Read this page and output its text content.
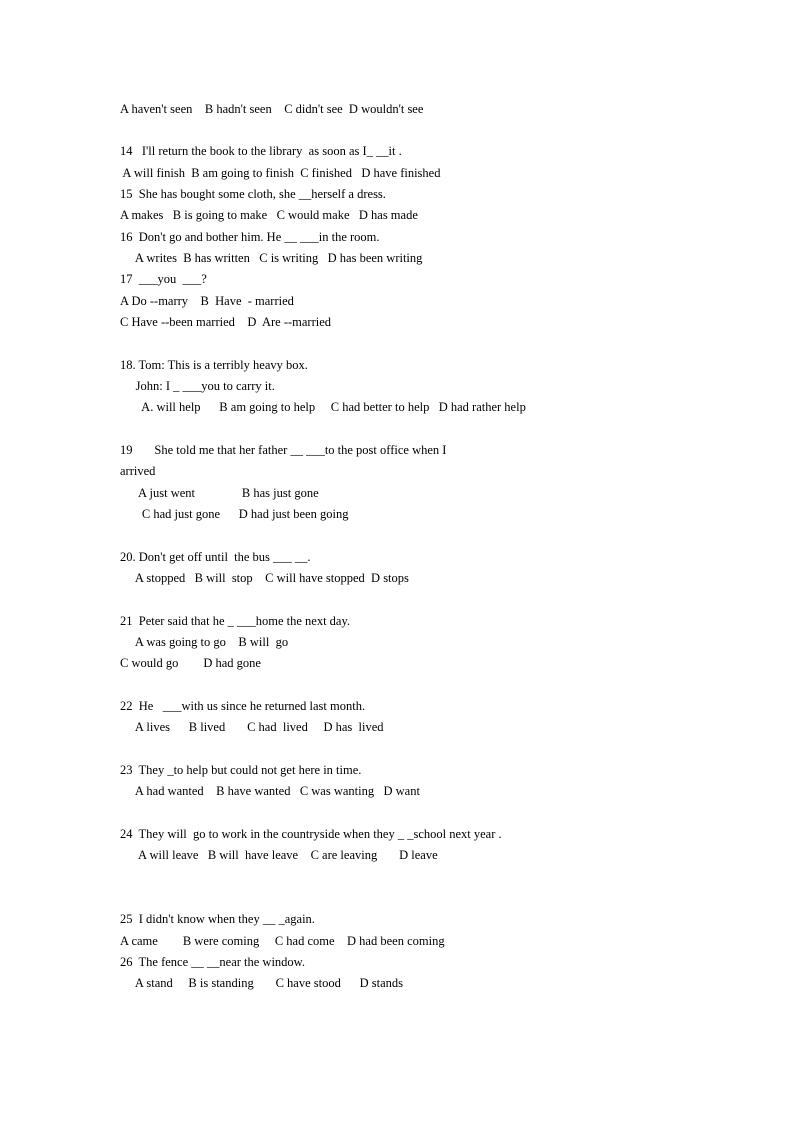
A haven't seen    B hadn't seen    C didn't see  D wouldn't see
14   I'll return the book to the library  as soon as I_ __it .
A will finish  B am going to finish  C finished   D have finished
15  She has bought some cloth, she __herself a dress.
A makes   B is going to make   C would make   D has made
16  Don't go and bother him. He __ ___in the room.
A writes  B has written   C is writing   D has been writing
17  ___you  ___?
A Do --marry    B  Have  - married
C Have --been married    D  Are --married
18. Tom: This is a terribly heavy box.
John: I _ ___you to carry it.
A. will help      B am going to help     C had better to help   D had rather help
19       She told me that her father __ ___to the post office when I
arrived
A just went               B has just gone
C had just gone      D had just been going
20. Don't get off until  the bus ___ __.
A stopped   B will  stop    C will have stopped  D stops
21  Peter said that he _ ___home the next day.
A was going to go    B will  go
C would go        D had gone
22  He   ___with us since he returned last month.
A lives      B lived       C had  lived     D has  lived
23  They _to help but could not get here in time.
A had wanted    B have wanted   C was wanting   D want
24  They will  go to work in the countryside when they _ _school next year .
A will leave   B will  have leave    C are leaving       D leave
25  I didn't know when they __ _again.
A came        B were coming     C had come    D had been coming
26  The fence __ __near the window.
A stand     B is standing       C have stood      D stands
